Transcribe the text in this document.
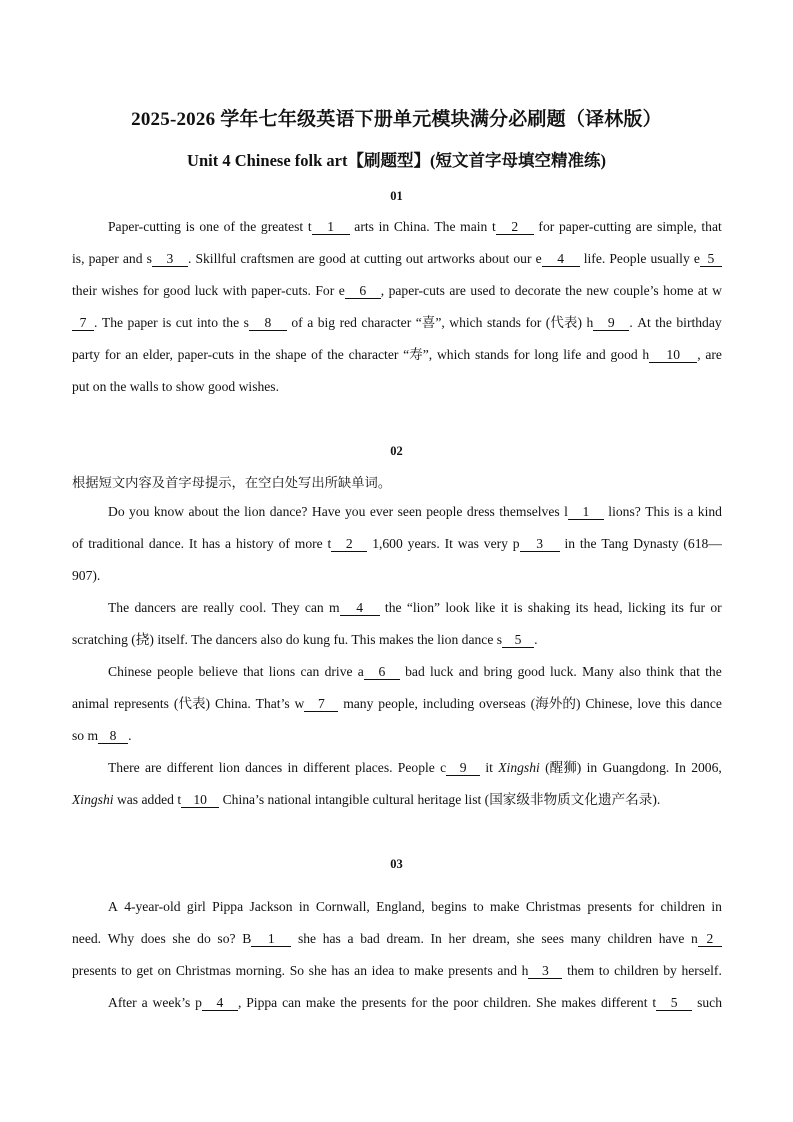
2025-2026 学年七年级英语下册单元模块满分必刷题（译林版）
Unit 4 Chinese folk art【刷题型】(短文首字母填空精准练)
01
Paper-cutting is one of the greatest t 1	arts in China. The main t 2	for paper-cutting are simple, that
is, paper and s 3 . Skillful craftsmen are good at cutting out artworks about our e 4	life. People usually e 5
their wishes for good luck with paper-cuts. For e 6 , paper-cuts are used to decorate the new couple’s home at w
7 . The paper is cut into the s 8	of a big red character “喜”, which stands for (代表) h 9 . At the birthday
party for an elder, paper-cuts in the shape of the character “寿”, which stands for long life and good h 10 , are
put on the walls to show good wishes.
02
根据短文内容及首字母提示，在空白处写出所缺单词。
Do you know about the lion dance? Have you ever seen people dress themselves l 1	lions? This is a kind
of traditional dance. It has a history of more t 2	1,600 years. It was very p 3	in the Tang Dynasty (618—
907).
The dancers are really cool. They can m 4	the “lion” look like it is shaking its head, licking its fur or
scratching (挠) itself. The dancers also do kung fu. This makes the lion dance s 5 .
Chinese people believe that lions can drive a 6	bad luck and bring good luck. Many also think that the
animal represents (代表) China. That’s w 7	many people, including overseas (海外的) Chinese, love this dance
so m 8 .
There are different lion dances in different places. People c 9	it Xingshi (醒狮) in Guangdong. In 2006,
Xingshi was added t 10 China’s national intangible cultural heritage list (国家级非物质文化遗产名录).
03
A 4-year-old girl Pippa Jackson in Cornwall, England, begins to make Christmas presents for children in
need. Why does she do so? B 1	she has a bad dream. In her dream, she sees many children have n 2
presents to get on Christmas morning. So she has an idea to make presents and h 3	them to children by herself.
After a week’s p 4 , Pippa can make the presents for the poor children. She makes different t 5	such
